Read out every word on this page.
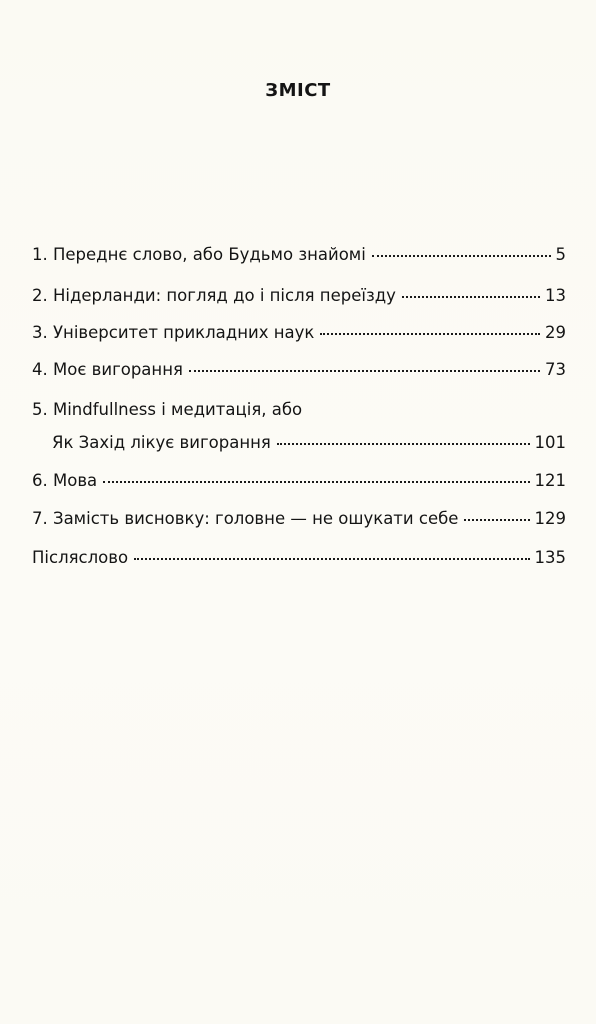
ЗМІСТ
1. Переднє слово, або Будьмо знайомі	5
2. Нідерланди: погляд до і після переїзду	13
3. Університет прикладних наук	29
4. Моє вигорання	73
5. Mindfullness і медитація, або
Як Захід лікує вигорання	101
6. Мова	121
7. Замість висновку: головне — не ошукати себе	129
Післяслово	135
